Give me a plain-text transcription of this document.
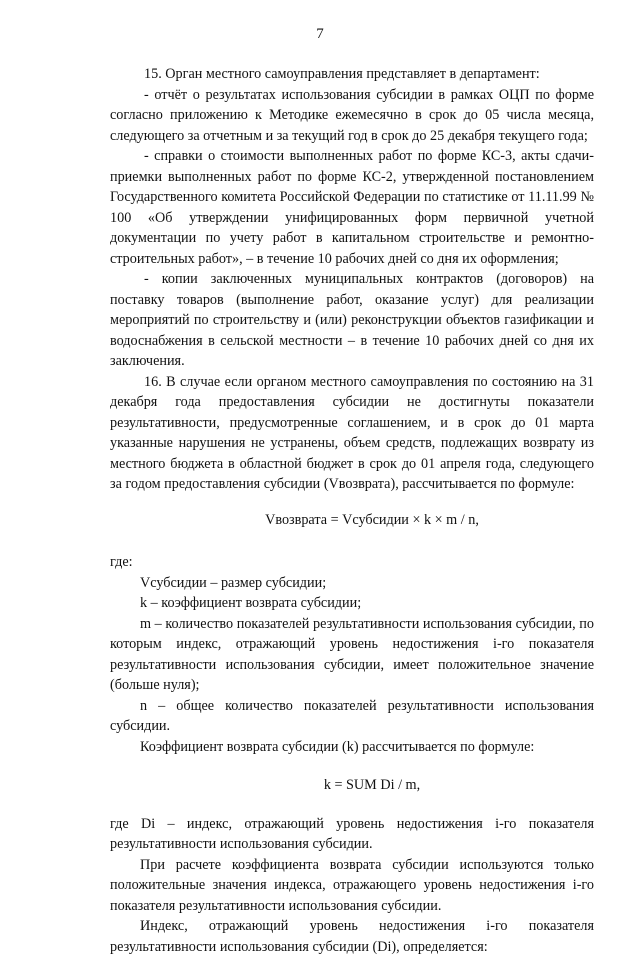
7

15. Орган местного самоуправления представляет в департамент:

- отчёт о результатах использования субсидии в рамках ОЦП по форме согласно приложению к Методике ежемесячно в срок до 05 числа месяца, следующего за отчетным и за текущий год в срок до 25 декабря текущего года;

- справки о стоимости выполненных работ по форме КС-3, акты сдачи-приемки выполненных работ по форме КС-2, утвержденной постановлением Государственного комитета Российской Федерации по статистике от 11.11.99 № 100 «Об утверждении унифицированных форм первичной учетной документации по учету работ в капитальном строительстве и ремонтно-строительных работ», – в течение 10 рабочих дней со дня их оформления;

- копии заключенных муниципальных контрактов (договоров) на поставку товаров (выполнение работ, оказание услуг) для реализации мероприятий по строительству и (или) реконструкции объектов газификации и водоснабжения в сельской местности – в течение 10 рабочих дней со дня их заключения.

16. В случае если органом местного самоуправления по состоянию на 31 декабря года предоставления субсидии не достигнуты показатели результативности, предусмотренные соглашением, и в срок до 01 марта указанные нарушения не устранены, объем средств, подлежащих возврату из местного бюджета в областной бюджет в срок до 01 апреля года, следующего за годом предоставления субсидии (Vвозврата), рассчитывается по формуле:

Vвозврата = Vсубсидии × k × m / n,

где:

Vсубсидии – размер субсидии;

k – коэффициент возврата субсидии;

m – количество показателей результативности использования субсидии, по которым индекс, отражающий уровень недостижения i-го показателя результативности использования субсидии, имеет положительное значение (больше нуля);

n – общее количество показателей результативности использования субсидии.

Коэффициент возврата субсидии (k) рассчитывается по формуле:

k = SUM Di / m,

где Di – индекс, отражающий уровень недостижения i-го показателя результативности использования субсидии.

При расчете коэффициента возврата субсидии используются только положительные значения индекса, отражающего уровень недостижения i-го показателя результативности использования субсидии.

Индекс, отражающий уровень недостижения i-го показателя результативности использования субсидии (Di), определяется:
